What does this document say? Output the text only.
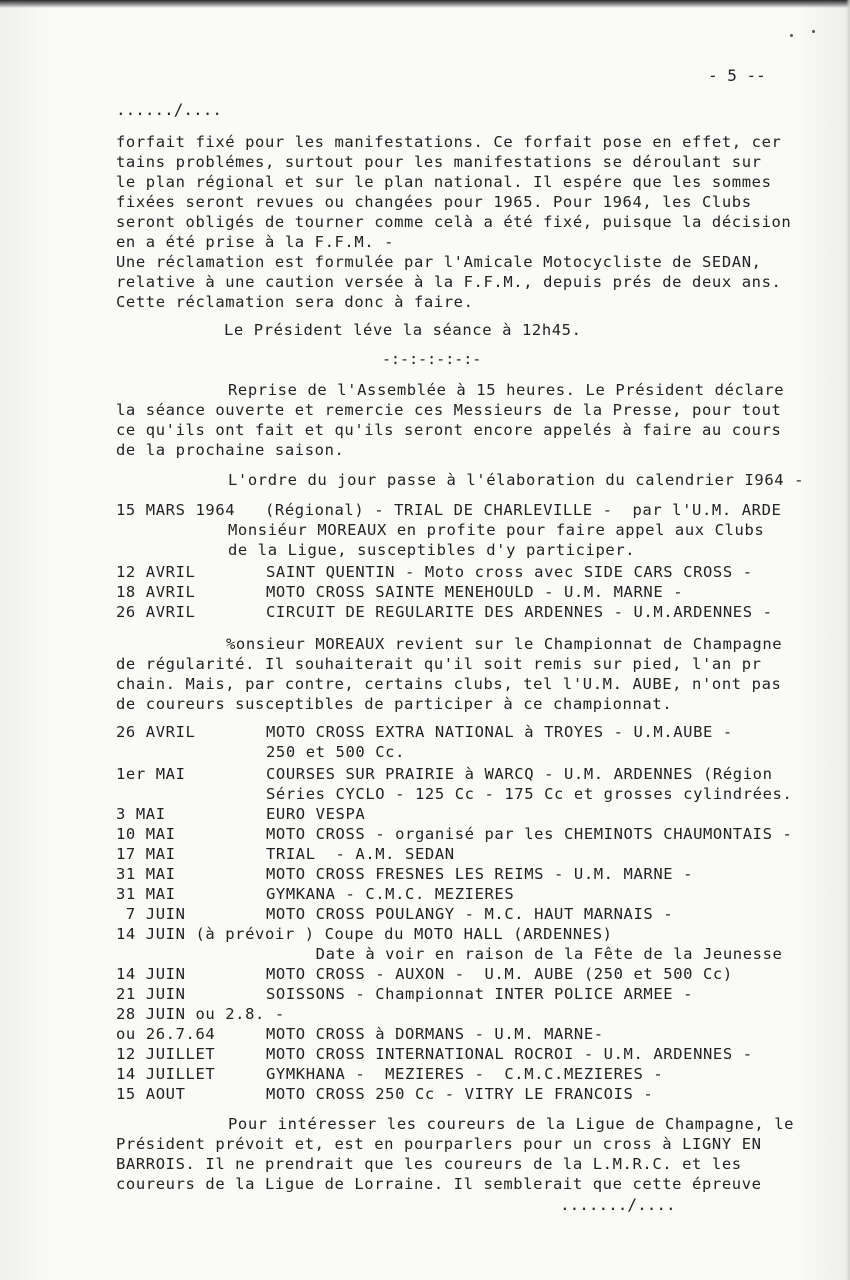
- 5 --
....../....
forfait fixé pour les manifestations. Ce forfait pose en effet, cer
tains problémes, surtout pour les manifestations se déroulant sur
le plan régional et sur le plan national. Il espére que les sommes
fixées seront revues ou changées pour 1965. Pour 1964, les Clubs
seront obligés de tourner comme celà a été fixé, puisque la décision
en a été prise à la F.F.M. -
Une réclamation est formulée par l'Amicale Motocycliste de SEDAN,
relative à une caution versée à la F.F.M., depuis prés de deux ans.
Cette réclamation sera donc à faire.
Le Président léve la séance à 12h45.
-:-:-:-:-:-
Reprise de l'Assemblée à 15 heures. Le Président déclare
la séance ouverte et remercie ces Messieurs de la Presse, pour tout
ce qu'ils ont fait et qu'ils seront encore appelés à faire au cours
de la prochaine saison.
L'ordre du jour passe à l'élaboration du calendrier I964 -
15 MARS 1964   (Régional) - TRIAL DE CHARLEVILLE -  par l'U.M. ARDE
Monsiéur MOREAUX en profite pour faire appel aux Clubs
de la Ligue, susceptibles d'y participer.
12 AVRIL	SAINT QUENTIN - Moto cross avec SIDE CARS CROSS -
18 AVRIL	MOTO CROSS SAINTE MENEHOULD - U.M. MARNE -
26 AVRIL	CIRCUIT DE REGULARITE DES ARDENNES - U.M.ARDENNES -
%onsieur MOREAUX revient sur le Championnat de Champagne
de régularité. Il souhaiterait qu'il soit remis sur pied, l'an pr
chain. Mais, par contre, certains clubs, tel l'U.M. AUBE, n'ont pas
de coureurs susceptibles de participer à ce championnat.
26 AVRIL	MOTO CROSS EXTRA NATIONAL à TROYES - U.M.AUBE -
250 et 500 Cc.
1er MAI	COURSES SUR PRAIRIE à WARCQ - U.M. ARDENNES (Région
Séries CYCLO - 125 Cc - 175 Cc et grosses cylindrées.
3 MAI	EURO VESPA
10 MAI	MOTO CROSS - organisé par les CHEMINOTS CHAUMONTAIS -
17 MAI	TRIAL  - A.M. SEDAN
31 MAI	MOTO CROSS FRESNES LES REIMS - U.M. MARNE -
31 MAI	GYMKANA - C.M.C. MEZIERES
7 JUIN	MOTO CROSS POULANGY - M.C. HAUT MARNAIS -
14 JUIN (à prévoir ) Coupe du MOTO HALL (ARDENNES)
Date à voir en raison de la Fête de la Jeunesse
14 JUIN	MOTO CROSS - AUXON -  U.M. AUBE (250 et 500 Cc)
21 JUIN	SOISSONS - Championnat INTER POLICE ARMEE -
28 JUIN ou 2.8. -
ou 26.7.64	MOTO CROSS à DORMANS - U.M. MARNE-
12 JUILLET	MOTO CROSS INTERNATIONAL ROCROI - U.M. ARDENNES -
14 JUILLET	GYMKHANA -  MEZIERES -  C.M.C.MEZIERES -
15 AOUT	MOTO CROSS 250 Cc - VITRY LE FRANCOIS -
Pour intéresser les coureurs de la Ligue de Champagne, le
Président prévoit et, est en pourparlers pour un cross à LIGNY EN
BARROIS. Il ne prendrait que les coureurs de la L.M.R.C. et les
coureurs de la Ligue de Lorraine. Il semblerait que cette épreuve
......./....
